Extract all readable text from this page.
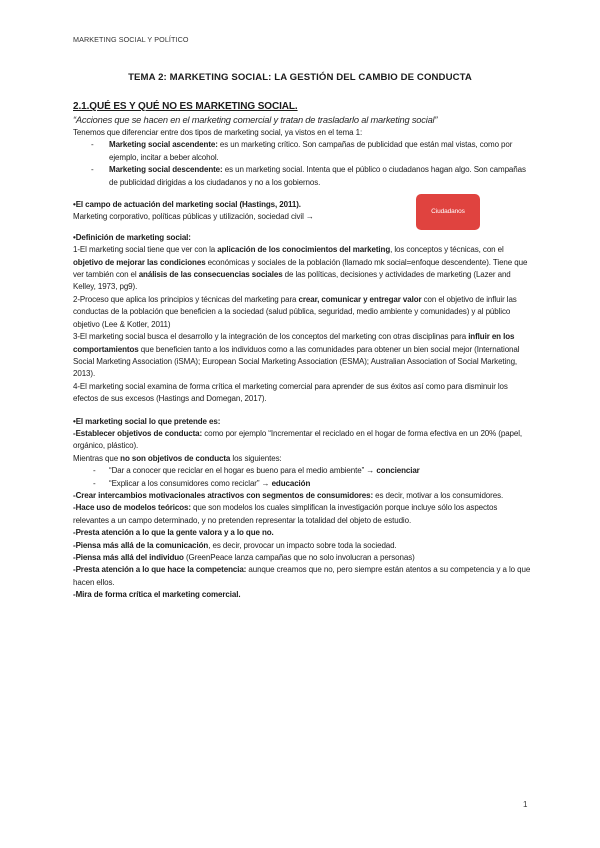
MARKETING SOCIAL Y POLÍTICO
TEMA 2: MARKETING SOCIAL: LA GESTIÓN DEL CAMBIO DE CONDUCTA

2.1.QUÉ ES Y QUÉ NO ES MARKETING SOCIAL.

“Acciones que se hacen en el marketing comercial y tratan de trasladarlo al marketing social”

Tenemos que diferenciar entre dos tipos de marketing social, ya vistos en el tema 1:

- Marketing social ascendente: es un marketing crítico. Son campañas de publicidad que están mal vistas, como por ejemplo, incitar a beber alcohol.
- Marketing social descendente: es un marketing social. Intenta que el público o ciudadanos hagan algo. Son campañas de publicidad dirigidas a los ciudadanos y no a los gobiernos.

•El campo de actuación del marketing social (Hastings, 2011).

Marketing corporativo, políticas públicas y utilización, sociedad civil →

Ciudadanos

•Definición de marketing social:

1-El marketing social tiene que ver con la aplicación de los conocimientos del marketing, los conceptos y técnicas, con el objetivo de mejorar las condiciones económicas y sociales de la población (llamado mk social=enfoque descendente). Tiene que ver también con el análisis de las consecuencias sociales de las políticas, decisiones y actividades de marketing (Lazer and Kelley, 1973, pg9).

2-Proceso que aplica los principios y técnicas del marketing para crear, comunicar y entregar valor con el objetivo de influir las conductas de la población que beneficien a la sociedad (salud pública, seguridad, medio ambiente y comunidades) y al público objetivo (Lee & Kotler, 2011)

3-El marketing social busca el desarrollo y la integración de los conceptos del marketing con otras disciplinas para influir en los comportamientos que beneficien tanto a los individuos como a las comunidades para obtener un bien social mejor (International Social Marketing Association (iSMA); European Social Marketing Association (ESMA); Australian Association of Social Marketing, 2013).

4-El marketing social examina de forma crítica el marketing comercial para aprender de sus éxitos así como para disminuir los efectos de sus excesos (Hastings and Domegan, 2017).

•El marketing social lo que pretende es:

-Establecer objetivos de conducta: como por ejemplo “Incrementar el reciclado en el hogar de forma efectiva en un 20% (papel, orgánico, plástico).

Mientras que no son objetivos de conducta los siguientes:

- “Dar a conocer que reciclar en el hogar es bueno para el medio ambiente” → concienciar
- “Explicar a los consumidores como reciclar” → educación

-Crear intercambios motivacionales atractivos con segmentos de consumidores: es decir, motivar a los consumidores.

-Hace uso de modelos teóricos: que son modelos los cuales simplifican la investigación porque incluye sólo los aspectos relevantes a un campo determinado, y no pretenden representar la totalidad del objeto de estudio.

-Presta atención a lo que la gente valora y a lo que no.

-Piensa más allá de la comunicación, es decir, provocar un impacto sobre toda la sociedad.

-Piensa más allá del individuo (GreenPeace lanza campañas que no solo involucran a personas)

-Presta atención a lo que hace la competencia: aunque creamos que no, pero siempre están atentos a su competencia y a lo que hacen ellos.

-Mira de forma crítica el marketing comercial.

1
